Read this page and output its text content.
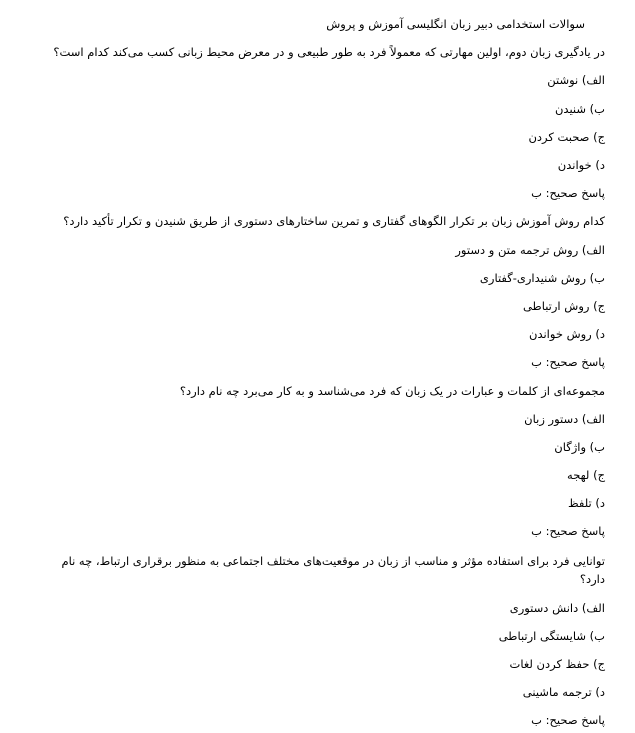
سوالات استخدامی دبیر زبان انگلیسی آموزش و پروش
در یادگیری زبان دوم، اولین مهارتی که معمولاً فرد به طور طبیعی و در معرض محیط زبانی کسب می‌کند کدام است؟
الف) نوشتن
ب) شنیدن
ج) صحبت کردن
د) خواندن
پاسخ صحیح: ب
کدام روش آموزش زبان بر تکرار الگوهای گفتاری و تمرین ساختارهای دستوری از طریق شنیدن و تکرار تأکید دارد؟
الف) روش ترجمه متن و دستور
ب) روش شنیداری-گفتاری
ج) روش ارتباطی
د) روش خواندن
پاسخ صحیح: ب
مجموعه‌ای از کلمات و عبارات در یک زبان که فرد می‌شناسد و به کار می‌برد چه نام دارد؟
الف) دستور زبان
ب) واژگان
ج) لهجه
د) تلفظ
پاسخ صحیح: ب
توانایی فرد برای استفاده مؤثر و مناسب از زبان در موقعیت‌های مختلف اجتماعی به منظور برقراری ارتباط، چه نام
دارد؟
الف) دانش دستوری
ب) شایستگی ارتباطی
ج) حفظ کردن لغات
د) ترجمه ماشینی
پاسخ صحیح: ب
